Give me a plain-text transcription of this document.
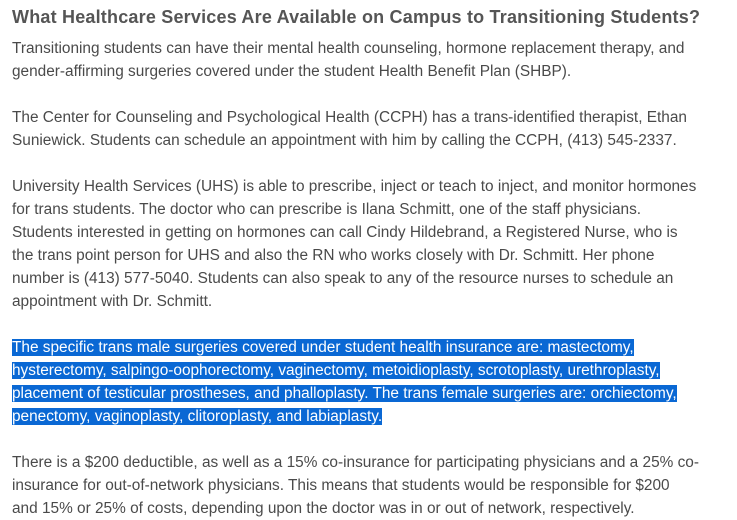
What Healthcare Services Are Available on Campus to Transitioning Students?

Transitioning students can have their mental health counseling, hormone replacement therapy, and
gender-affirming surgeries covered under the student Health Benefit Plan (SHBP).

The Center for Counseling and Psychological Health (CCPH) has a trans-identified therapist, Ethan
Suniewick. Students can schedule an appointment with him by calling the CCPH, (413) 545-2337.

University Health Services (UHS) is able to prescribe, inject or teach to inject, and monitor hormones
for trans students. The doctor who can prescribe is Ilana Schmitt, one of the staff physicians.
Students interested in getting on hormones can call Cindy Hildebrand, a Registered Nurse, who is
the trans point person for UHS and also the RN who works closely with Dr. Schmitt. Her phone
number is (413) 577-5040. Students can also speak to any of the resource nurses to schedule an
appointment with Dr. Schmitt.

The specific trans male surgeries covered under student health insurance are: mastectomy,
hysterectomy, salpingo-oophorectomy, vaginectomy, metoidioplasty, scrotoplasty, urethroplasty,
placement of testicular prostheses, and phalloplasty. The trans female surgeries are: orchiectomy,
penectomy, vaginoplasty, clitoroplasty, and labiaplasty.

There is a $200 deductible, as well as a 15% co-insurance for participating physicians and a 25% co-
insurance for out-of-network physicians. This means that students would be responsible for $200
and 15% or 25% of costs, depending upon the doctor was in or out of network, respectively.
